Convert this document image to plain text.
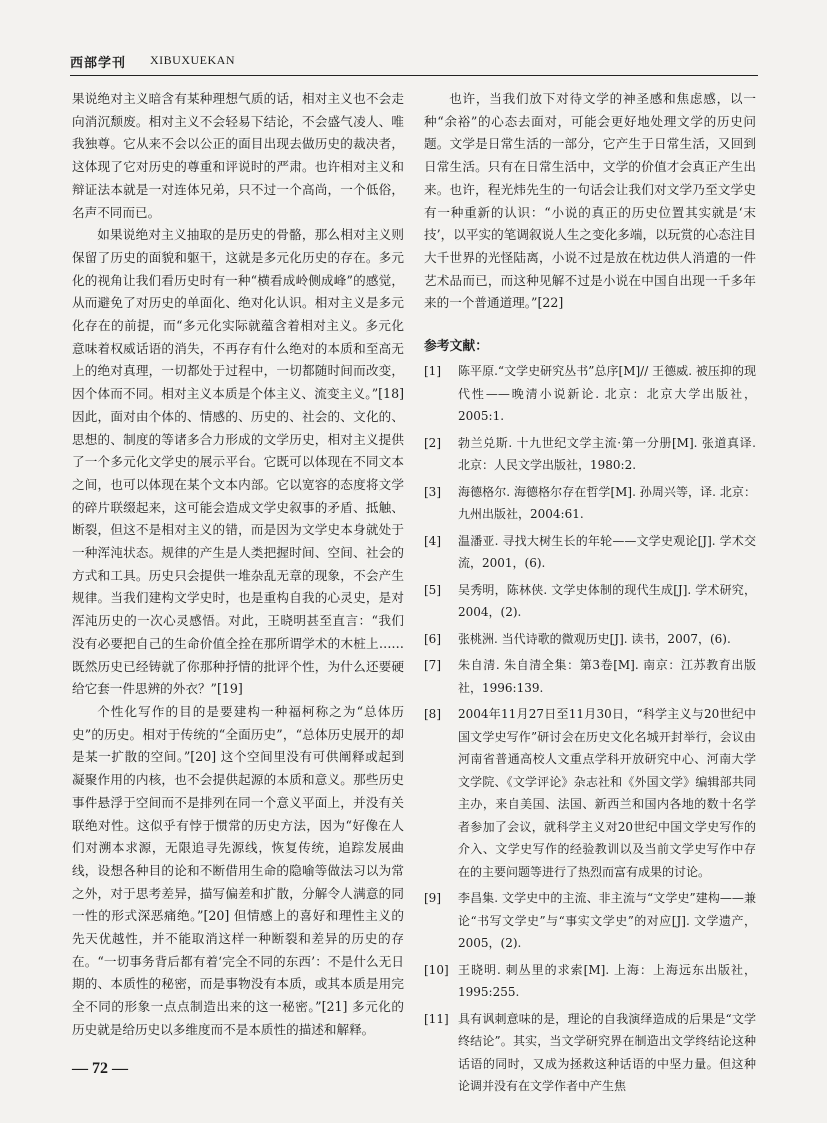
西部学刊 XIBUXUEKAN

果说绝对主义暗含有某种理想气质的话，相对主义也不会走向消沉颓废。相对主义不会轻易下结论，不会盛气凌人、唯我独尊。它从来不会以公正的面目出现去做历史的裁决者，这体现了它对历史的尊重和评说时的严肃。也许相对主义和辩证法本就是一对连体兄弟，只不过一个高尚，一个低俗，名声不同而已。

如果说绝对主义抽取的是历史的骨骼，那么相对主义则保留了历史的面貌和躯干，这就是多元化历史的存在。多元化的视角让我们看历史时有一种“横看成岭侧成峰”的感觉，从而避免了对历史的单面化、绝对化认识。相对主义是多元化存在的前提，而“多元化实际就蕴含着相对主义。多元化意味着权威话语的消失，不再存有什么绝对的本质和至高无上的绝对真理，一切都处于过程中，一切都随时间而改变，因个体而不同。相对主义本质是个体主义、流变主义。”[18] 因此，面对由个体的、情感的、历史的、社会的、文化的、思想的、制度的等诸多合力形成的文学历史，相对主义提供了一个多元化文学史的展示平台。它既可以体现在不同文本之间，也可以体现在某个文本内部。它以宽容的态度将文学的碎片联缀起来，这可能会造成文学史叙事的矛盾、抵触、断裂，但这不是相对主义的错，而是因为文学史本身就处于一种浑沌状态。规律的产生是人类把握时间、空间、社会的方式和工具。历史只会提供一堆杂乱无章的现象，不会产生规律。当我们建构文学史时，也是重构自我的心灵史，是对浑沌历史的一次心灵感悟。对此，王晓明甚至直言：“我们没有必要把自己的生命价值全拴在那所谓学术的木桩上……既然历史已经铸就了你那种抒情的批评个性，为什么还要硬给它套一件思辨的外衣？”[19]

个性化写作的目的是要建构一种福柯称之为“总体历史”的历史。相对于传统的“全面历史”，“总体历史展开的却是某一扩散的空间。”[20] 这个空间里没有可供阐释或起到凝聚作用的内核，也不会提供起源的本质和意义。那些历史事件悬浮于空间而不是排列在同一个意义平面上，并没有关联绝对性。这似乎有悖于惯常的历史方法，因为“好像在人们对溯本求源，无限追寻先源线，恢复传统，追踪发展曲线，设想各种目的论和不断借用生命的隐喻等做法习以为常之外，对于思考差异，描写偏差和扩散，分解令人满意的同一性的形式深恶痛绝。”[20] 但情感上的喜好和理性主义的先天优越性，并不能取消这样一种断裂和差异的历史的存在。“一切事务背后都有着‘完全不同的东西’：不是什么无日期的、本质性的秘密，而是事物没有本质，或其本质是用完全不同的形象一点点制造出来的这一秘密。”[21] 多元化的历史就是给历史以多维度而不是本质性的描述和解释。

也许，当我们放下对待文学的神圣感和焦虑感，以一种“余裕”的心态去面对，可能会更好地处理文学的历史问题。文学是日常生活的一部分，它产生于日常生活，又回到日常生活。只有在日常生活中，文学的价值才会真正产生出来。也许，程光炜先生的一句话会让我们对文学乃至文学史有一种重新的认识：“小说的真正的历史位置其实就是‘末技’，以平实的笔调叙说人生之变化多端，以玩赏的心态注目大千世界的光怪陆离，小说不过是放在枕边供人消遣的一件艺术品而已，而这种见解不过是小说在中国自出现一千多年来的一个普通道理。”[22]

参考文献：
[1]	陈平原.“文学史研究丛书”总序[M]// 王德威. 被压抑的现代性——晚清小说新论. 北京：北京大学出版社，2005:1.
[2]	勃兰兑斯. 十九世纪文学主流·第一分册[M]. 张道真译. 北京：人民文学出版社，1980:2.
[3]	海德格尔. 海德格尔存在哲学[M]. 孙周兴等，译. 北京：九州出版社，2004:61.
[4]	温潘亚. 寻找大树生长的年轮——文学史观论[J]. 学术交流，2001，(6).
[5]	吴秀明，陈林侠. 文学史体制的现代生成[J]. 学术研究，2004，(2).
[6]	张桃洲. 当代诗歌的微观历史[J]. 读书，2007，(6).
[7]	朱自清. 朱自清全集：第3卷[M]. 南京：江苏教育出版社，1996:139.
[8]	2004年11月27日至11月30日，“科学主义与20世纪中国文学史写作”研讨会在历史文化名城开封举行，会议由河南省普通高校人文重点学科开放研究中心、河南大学文学院、《文学评论》杂志社和《外国文学》编辑部共同主办，来自美国、法国、新西兰和国内各地的数十名学者参加了会议，就科学主义对20世纪中国文学史写作的介入、文学史写作的经验教训以及当前文学史写作中存在的主要问题等进行了热烈而富有成果的讨论。
[9]	李昌集. 文学史中的主流、非主流与“文学史”建构——兼论“书写文学史”与“事实文学史”的对应[J]. 文学遗产，2005，(2).
[10] 王晓明. 刺丛里的求索[M]. 上海：上海远东出版社，1995:255.
[11] 具有讽刺意味的是，理论的自我演绎造成的后果是“文学终结论”。其实，当文学研究界在制造出文学终结论这种话语的同时，又成为拯救这种话语的中坚力量。但这种论调并没有在文学作者中产生焦
— 72 —
